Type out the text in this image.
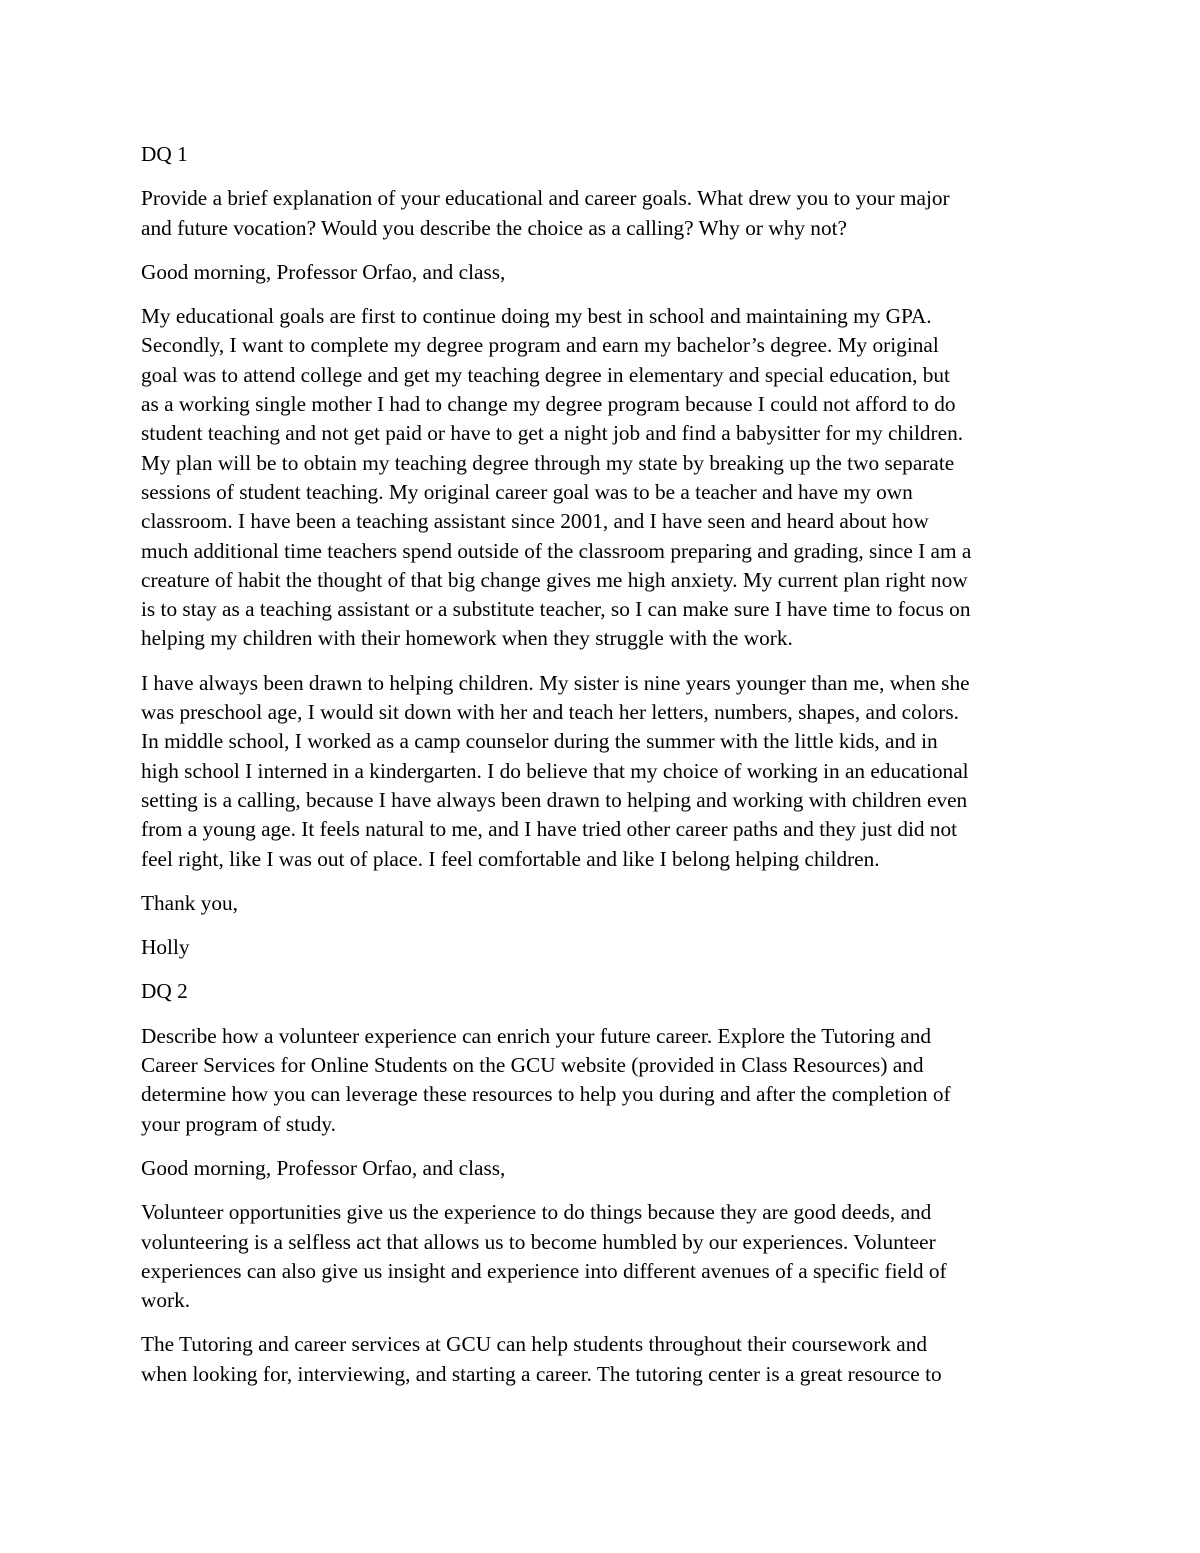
DQ 1

Provide a brief explanation of your educational and career goals. What drew you to your major
and future vocation? Would you describe the choice as a calling? Why or why not?

Good morning, Professor Orfao, and class,

My educational goals are first to continue doing my best in school and maintaining my GPA.
Secondly, I want to complete my degree program and earn my bachelor’s degree. My original
goal was to attend college and get my teaching degree in elementary and special education, but
as a working single mother I had to change my degree program because I could not afford to do
student teaching and not get paid or have to get a night job and find a babysitter for my children.
My plan will be to obtain my teaching degree through my state by breaking up the two separate
sessions of student teaching. My original career goal was to be a teacher and have my own
classroom. I have been a teaching assistant since 2001, and I have seen and heard about how
much additional time teachers spend outside of the classroom preparing and grading, since I am a
creature of habit the thought of that big change gives me high anxiety. My current plan right now
is to stay as a teaching assistant or a substitute teacher, so I can make sure I have time to focus on
helping my children with their homework when they struggle with the work.

I have always been drawn to helping children. My sister is nine years younger than me, when she
was preschool age, I would sit down with her and teach her letters, numbers, shapes, and colors.
In middle school, I worked as a camp counselor during the summer with the little kids, and in
high school I interned in a kindergarten. I do believe that my choice of working in an educational
setting is a calling, because I have always been drawn to helping and working with children even
from a young age. It feels natural to me, and I have tried other career paths and they just did not
feel right, like I was out of place. I feel comfortable and like I belong helping children.

Thank you,

Holly

DQ 2

Describe how a volunteer experience can enrich your future career. Explore the Tutoring and
Career Services for Online Students on the GCU website (provided in Class Resources) and
determine how you can leverage these resources to help you during and after the completion of
your program of study.

Good morning, Professor Orfao, and class,

Volunteer opportunities give us the experience to do things because they are good deeds, and
volunteering is a selfless act that allows us to become humbled by our experiences. Volunteer
experiences can also give us insight and experience into different avenues of a specific field of
work.

The Tutoring and career services at GCU can help students throughout their coursework and
when looking for, interviewing, and starting a career. The tutoring center is a great resource to
